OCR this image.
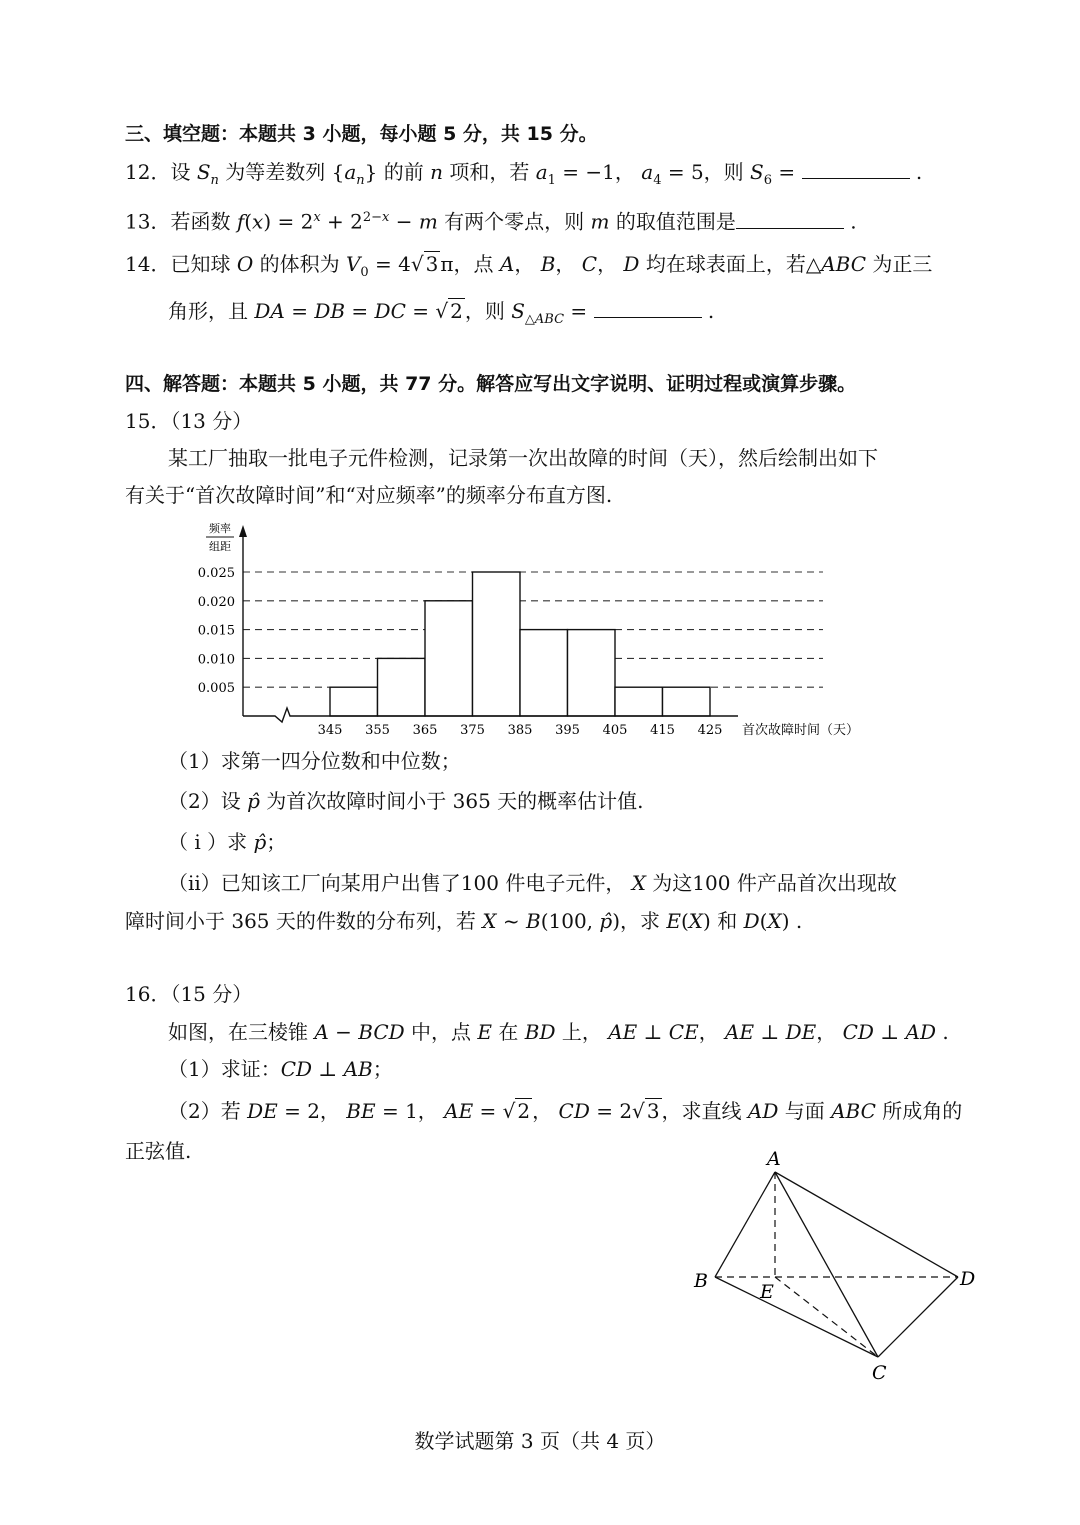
三、填空题：本题共 3 小题，每小题 5 分，共 15 分。
12．设 $S_n$ 为等差数列 $\{a_n\}$ 的前 n 项和，若 $a_1 = -1$， $a_4 = 5$，则 $S_6$ =	.
13．若函数 $f(x) = 2^x + 2^{2-x} - m$ 有两个零点，则 m 的取值范围是	.
14．已知球 O 的体积为 $V_0 = 4√$ 3 π，点 A， B， C， D 均在球表面上，若△ABC 为正三
角形，且 DA = DB = DC = √ 2 ，则 $S_{\triangle ABC}$ =	.
四、解答题：本题共 5 小题，共 77 分。解答应写出文字说明、证明过程或演算步骤。
15．（13 分）
某工厂抽取一批电子元件检测，记录第一次出故障的时间（天），然后绘制出如下
有关于“首次故障时间”和“对应频率”的频率分布直方图.
0.005
0.010
0.015
0.020
0.025
345 355 365 375 385 395 405 415 425 首次故障时间（天）
频率
组距
（1）求第一四分位数和中位数；
（2）设 p̂ 为首次故障时间小于 365 天的概率估计值.
（ i ）求 p̂；
（ii）已知该工厂向某用户出售了100 件电子元件， X 为这100 件产品首次出现故
障时间小于 365 天的件数的分布列，若 X ~ B(100, p̂)，求 E(X) 和 D(X) .
16．（15 分）
如图，在三棱锥 A − BCD 中，点 E 在 BD 上， AE ⊥ CE， AE ⊥ DE， CD ⊥ AD .
（1）求证：CD ⊥ AB；
（2）若 DE = 2， BE = 1， AE = √ 2 ， CD = 2√ 3 ，求直线 AD 与面 ABC 所成角的
正弦值.	A
B	E
D
C
数学试题第 3 页（共 4 页）
